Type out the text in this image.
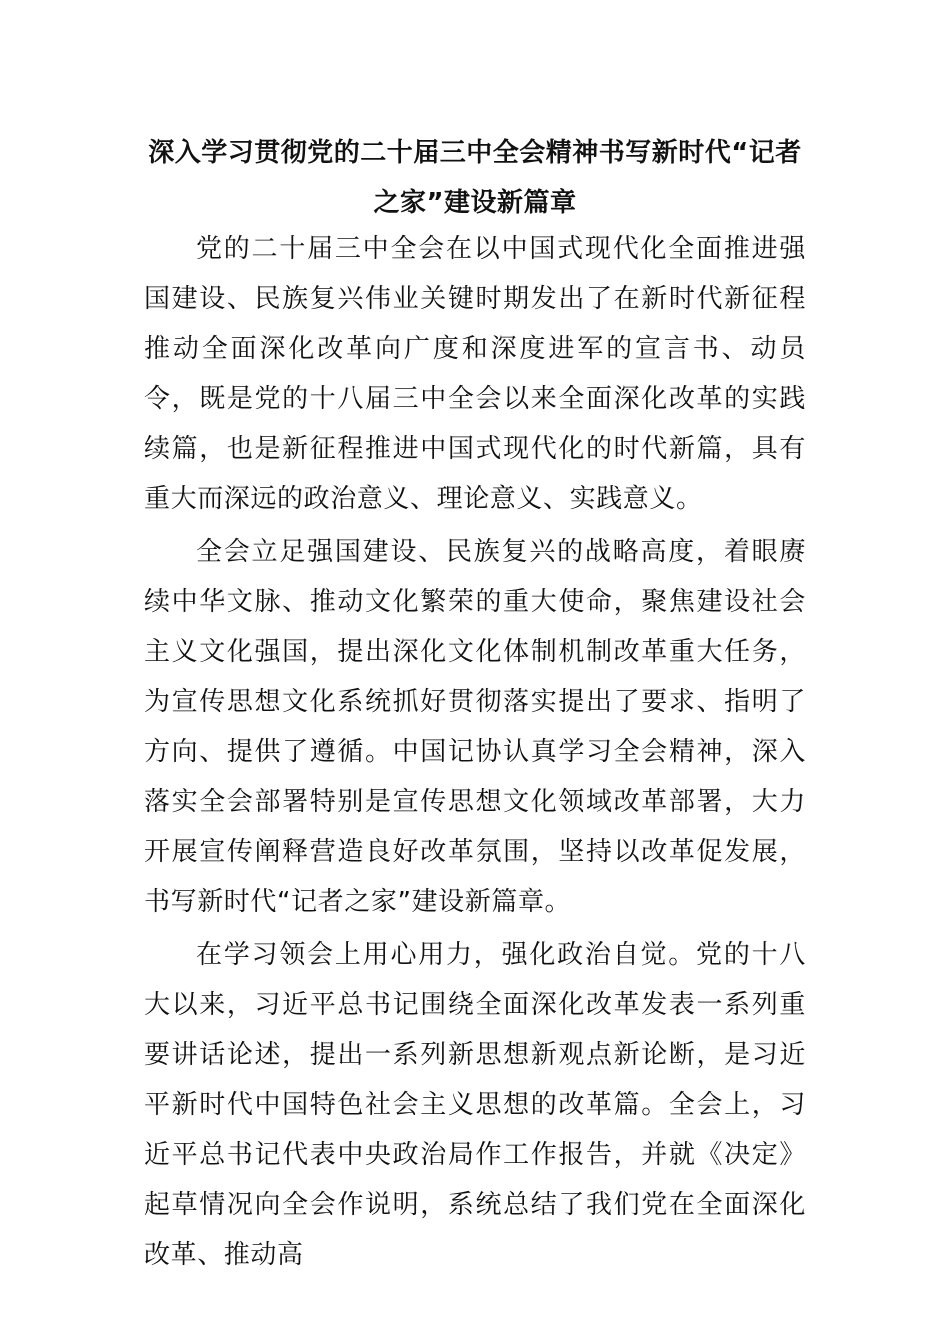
深入学习贯彻党的二十届三中全会精神书写新时代“记者之家”建设新篇章

党的二十届三中全会在以中国式现代化全面推进强国建设、民族复兴伟业关键时期发出了在新时代新征程推动全面深化改革向广度和深度进军的宣言书、动员令，既是党的十八届三中全会以来全面深化改革的实践续篇，也是新征程推进中国式现代化的时代新篇，具有重大而深远的政治意义、理论意义、实践意义。

全会立足强国建设、民族复兴的战略高度，着眼赓续中华文脉、推动文化繁荣的重大使命，聚焦建设社会主义文化强国，提出深化文化体制机制改革重大任务，为宣传思想文化系统抓好贯彻落实提出了要求、指明了方向、提供了遵循。中国记协认真学习全会精神，深入落实全会部署特别是宣传思想文化领域改革部署，大力开展宣传阐释营造良好改革氛围，坚持以改革促发展，书写新时代“记者之家”建设新篇章。

在学习领会上用心用力，强化政治自觉。党的十八大以来，习近平总书记围绕全面深化改革发表一系列重要讲话论述，提出一系列新思想新观点新论断，是习近平新时代中国特色社会主义思想的改革篇。全会上，习近平总书记代表中央政治局作工作报告，并就《决定》起草情况向全会作说明，系统总结了我们党在全面深化改革、推动高
